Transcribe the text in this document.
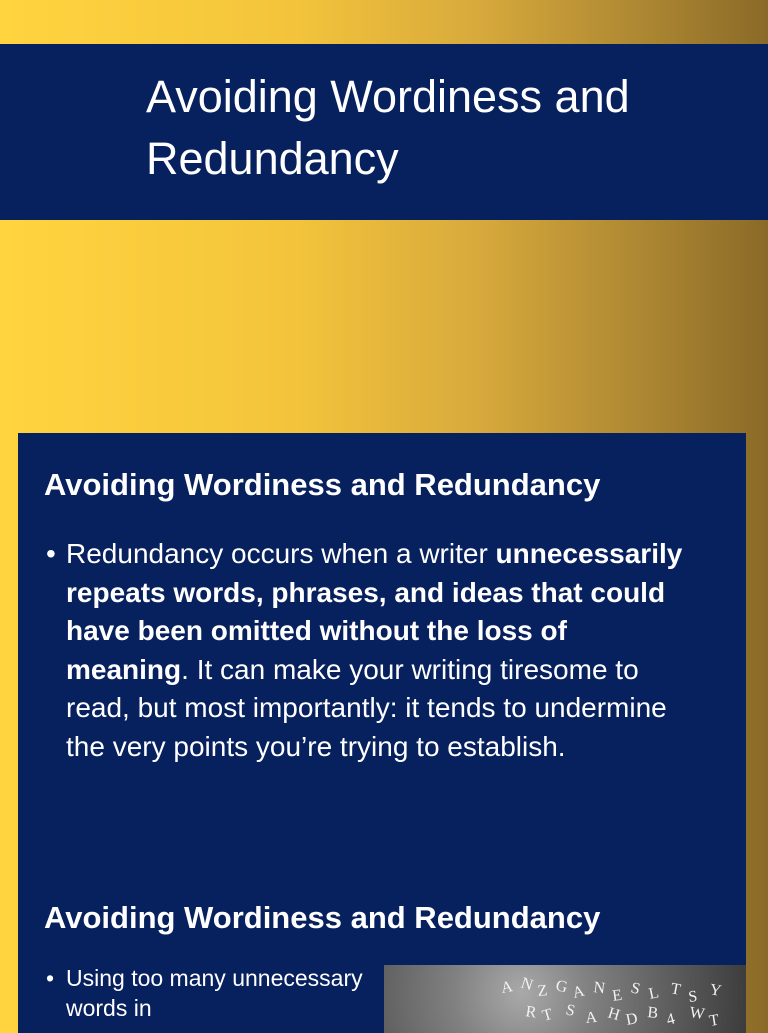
Avoiding Wordiness and Redundancy
Avoiding Wordiness and Redundancy
• Redundancy occurs when a writer unnecessarily repeats words, phrases, and ideas that could have been omitted without the loss of meaning. It can make your writing tiresome to read, but most importantly: it tends to undermine the very points you’re trying to establish.
Avoiding Wordiness and Redundancy
• Using too many unnecessary words in
A N Z G A N E S L T S Y
R T S A H D B 4 W T
